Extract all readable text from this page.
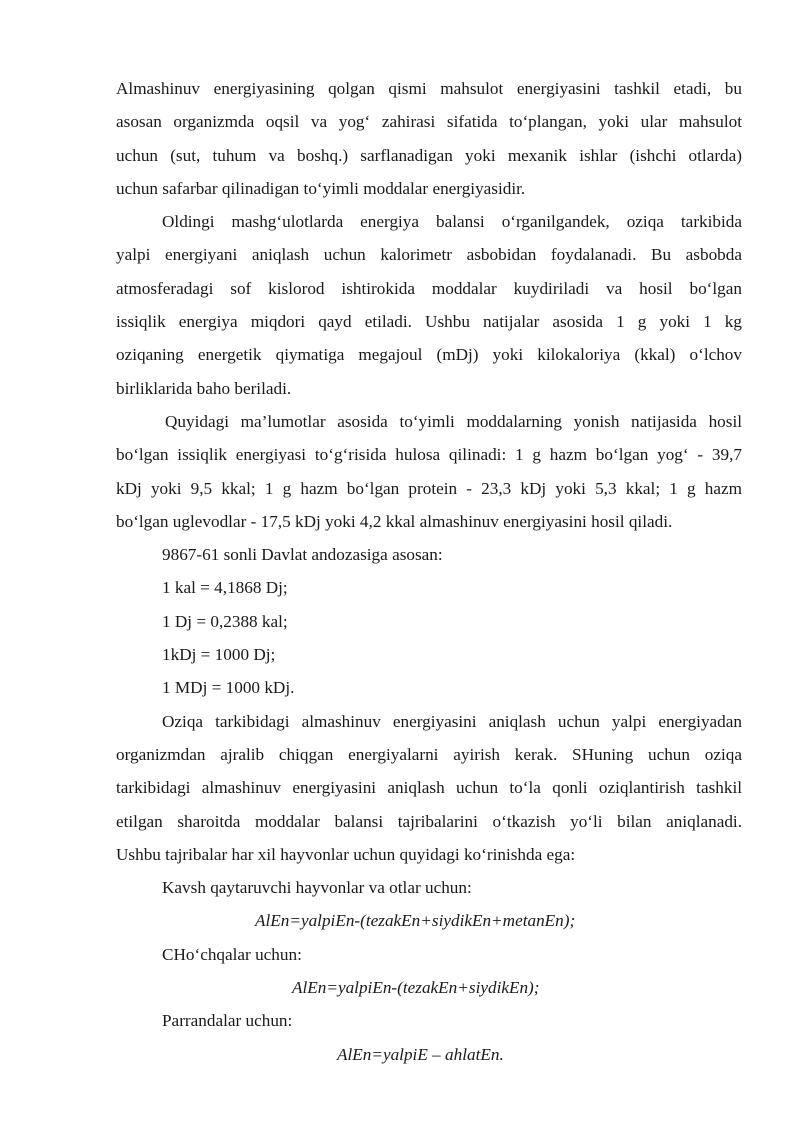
Almashinuv energiyasining qolgan qismi mahsulot energiyasini tashkil etadi, bu
asosan organizmda oqsil va yog‘ zahirasi sifatida to‘plangan, yoki ular mahsulot
uchun (sut, tuhum va boshq.) sarflanadigan yoki mexanik ishlar (ishchi otlarda)
uchun safarbar qilinadigan to‘yimli moddalar energiyasidir.
Oldingi mashg‘ulotlarda energiya balansi o‘rganilgandek, oziqa tarkibida
yalpi energiyani aniqlash uchun kalorimetr asbobidan foydalanadi. Bu asbobda
atmosferadagi sof kislorod ishtirokida moddalar kuydiriladi va hosil bo‘lgan
issiqlik energiya miqdori qayd etiladi. Ushbu natijalar asosida 1 g yoki 1 kg
oziqaning energetik qiymatiga megajoul (mDj) yoki kilokaloriya (kkal) o‘lchov
birliklarida baho beriladi.
Quyidagi ma’lumotlar asosida to‘yimli moddalarning yonish natijasida hosil
bo‘lgan issiqlik energiyasi to‘g‘risida hulosa qilinadi: 1 g hazm bo‘lgan yog‘ - 39,7
kDj yoki 9,5 kkal; 1 g hazm bo‘lgan protein - 23,3 kDj yoki 5,3 kkal; 1 g hazm
bo‘lgan uglevodlar - 17,5 kDj yoki 4,2 kkal almashinuv energiyasini hosil qiladi.
9867-61 sonli Davlat andozasiga asosan:
1 kal = 4,1868 Dj;
1 Dj = 0,2388 kal;
1kDj = 1000 Dj;
1 MDj = 1000 kDj.
Oziqa tarkibidagi almashinuv energiyasini aniqlash uchun yalpi energiyadan
organizmdan ajralib chiqgan energiyalarni ayirish kerak. SHuning uchun oziqa
tarkibidagi almashinuv energiyasini aniqlash uchun to‘la qonli oziqlantirish tashkil
etilgan sharoitda moddalar balansi tajribalarini o‘tkazish yo‘li bilan aniqlanadi.
Ushbu tajribalar har xil hayvonlar uchun quyidagi ko‘rinishda ega:
Kavsh qaytaruvchi hayvonlar va otlar uchun:
AlEn=yalpiEn-(tezakEn+siydikEn+metanEn);
CHo‘chqalar uchun:
AlEn=yalpiEn-(tezakEn+siydikEn);
Parrandalar uchun:
AlEn=yalpiE – ahlatEn.
